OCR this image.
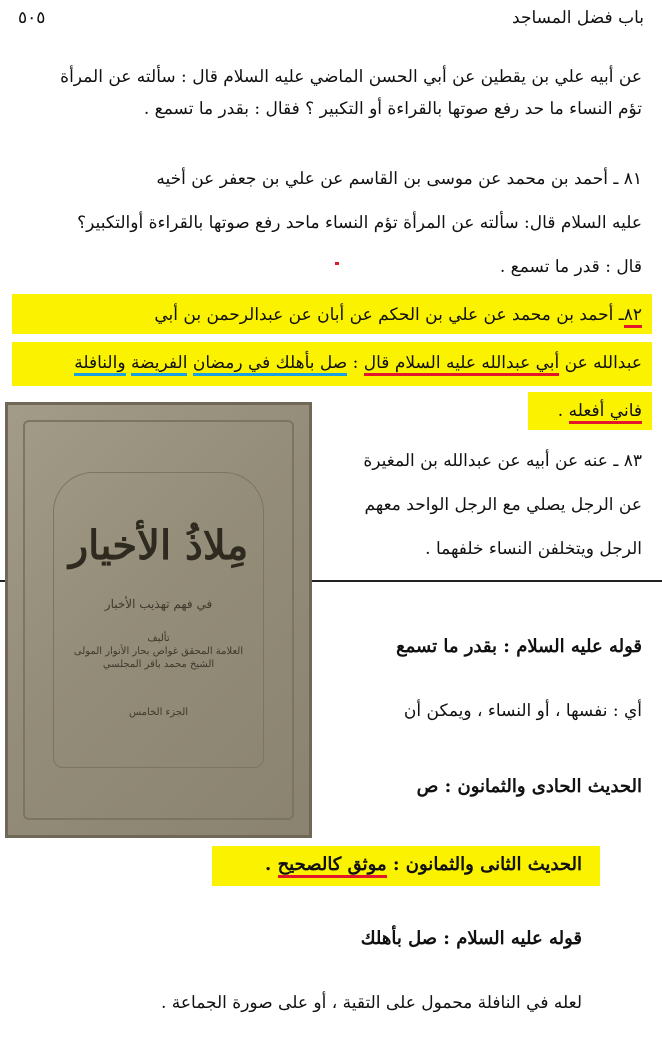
٥٠٥	باب فضل المساجد
عن أبيه علي بن يقطين عن أبي الحسن الماضي عليه السلام قال : سألته عن المرأة
تؤم النساء ما حد رفع صوتها بالقراءة أو التكبير ؟ فقال : بقدر ما تسمع .
٨١ ـ أحمد بن محمد عن موسى بن القاسم عن علي بن جعفر عن أخيه
عليه السلام قال: سألته عن المرأة تؤم النساء ماحد رفع صوتها بالقراءة أوالتكبير؟
قال : قدر ما تسمع .
٨٢ـ أحمد بن محمد عن علي بن الحكم عن أبان عن عبدالرحمن بن أبي
عبدالله عن أبي عبدالله عليه السلام قال : صل بأهلك في رمضان الفريضة والنافلة
فاني أفعله .
٨٣ ـ عنه عن أبيه عن عبدالله بن المغيرة
عن الرجل يصلي مع الرجل الواحد معهم
الرجل ويتخلفن النساء خلفهما .
قوله عليه السلام : بقدر ما تسمع
أي : نفسها ، أو النساء ، ويمكن أن
الحديث الحادى والثمانون : ص
الحديث الثانى والثمانون : موثق كالصحيح .
قوله عليه السلام : صل بأهلك
لعله في النافلة محمول على التقية ، أو على صورة الجماعة .
مِلاذُ الأخيار
في فهم تهذيب الأخبار
تأليف
العلامة المحقق غواص بحار الأنوار المولى
الشيخ محمد باقر المجلسي
الجزء الخامس
